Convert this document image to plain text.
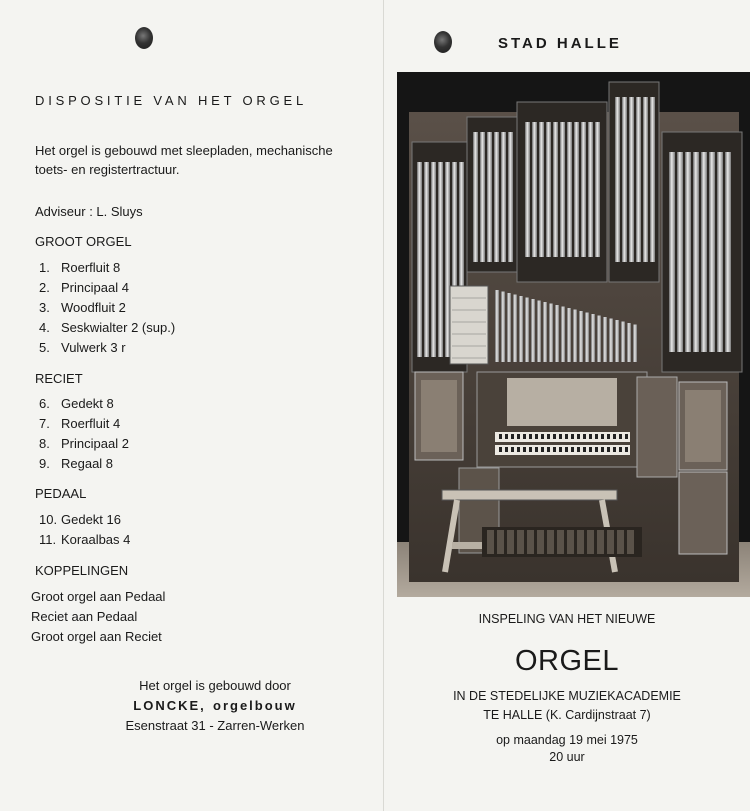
DISPOSITIE VAN HET ORGEL
Het orgel is gebouwd met sleepladen, mechanische toets- en registertractuur.
Adviseur : L. Sluys
GROOT ORGEL
1. Roerfluit 8
2. Principaal 4
3. Woodfluit 2
4. Seskwialter 2 (sup.)
5. Vulwerk 3 r
RECIET
6. Gedekt 8
7. Roerfluit 4
8. Principaal 2
9. Regaal 8
PEDAAL
10. Gedekt 16
11. Koraalbas 4
KOPPELINGEN
Groot orgel aan Pedaal
Reciet aan Pedaal
Groot orgel aan Reciet
Het orgel is gebouwd door
LONCKE, orgelbouw
Esenstraat 31 - Zarren-Werken
STAD HALLE
INSPELING VAN HET NIEUWE
ORGEL
IN DE STEDELIJKE MUZIEKACADEMIE
TE HALLE (K. Cardijnstraat 7)
op maandag 19 mei 1975
20 uur
